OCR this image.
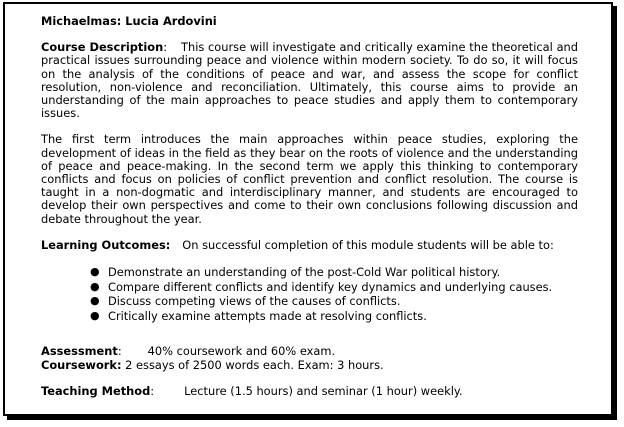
Michaelmas: Lucia Ardovini

Course Description: This course will investigate and critically examine the theoretical and practical issues surrounding peace and violence within modern society. To do so, it will focus on the analysis of the conditions of peace and war, and assess the scope for conflict resolution, non-violence and reconciliation. Ultimately, this course aims to provide an understanding of the main approaches to peace studies and apply them to contemporary issues.

The first term introduces the main approaches within peace studies, exploring the development of ideas in the field as they bear on the roots of violence and the understanding of peace and peace-making. In the second term we apply this thinking to contemporary conflicts and focus on policies of conflict prevention and conflict resolution. The course is taught in a non-dogmatic and interdisciplinary manner, and students are encouraged to develop their own perspectives and come to their own conclusions following discussion and debate throughout the year.

Learning Outcomes: On successful completion of this module students will be able to:

● Demonstrate an understanding of the post-Cold War political history.
● Compare different conflicts and identify key dynamics and underlying causes.
● Discuss competing views of the causes of conflicts.
● Critically examine attempts made at resolving conflicts.

Assessment: 40% coursework and 60% exam.

Coursework: 2 essays of 2500 words each. Exam: 3 hours.

Teaching Method:	Lecture (1.5 hours) and seminar (1 hour) weekly.
